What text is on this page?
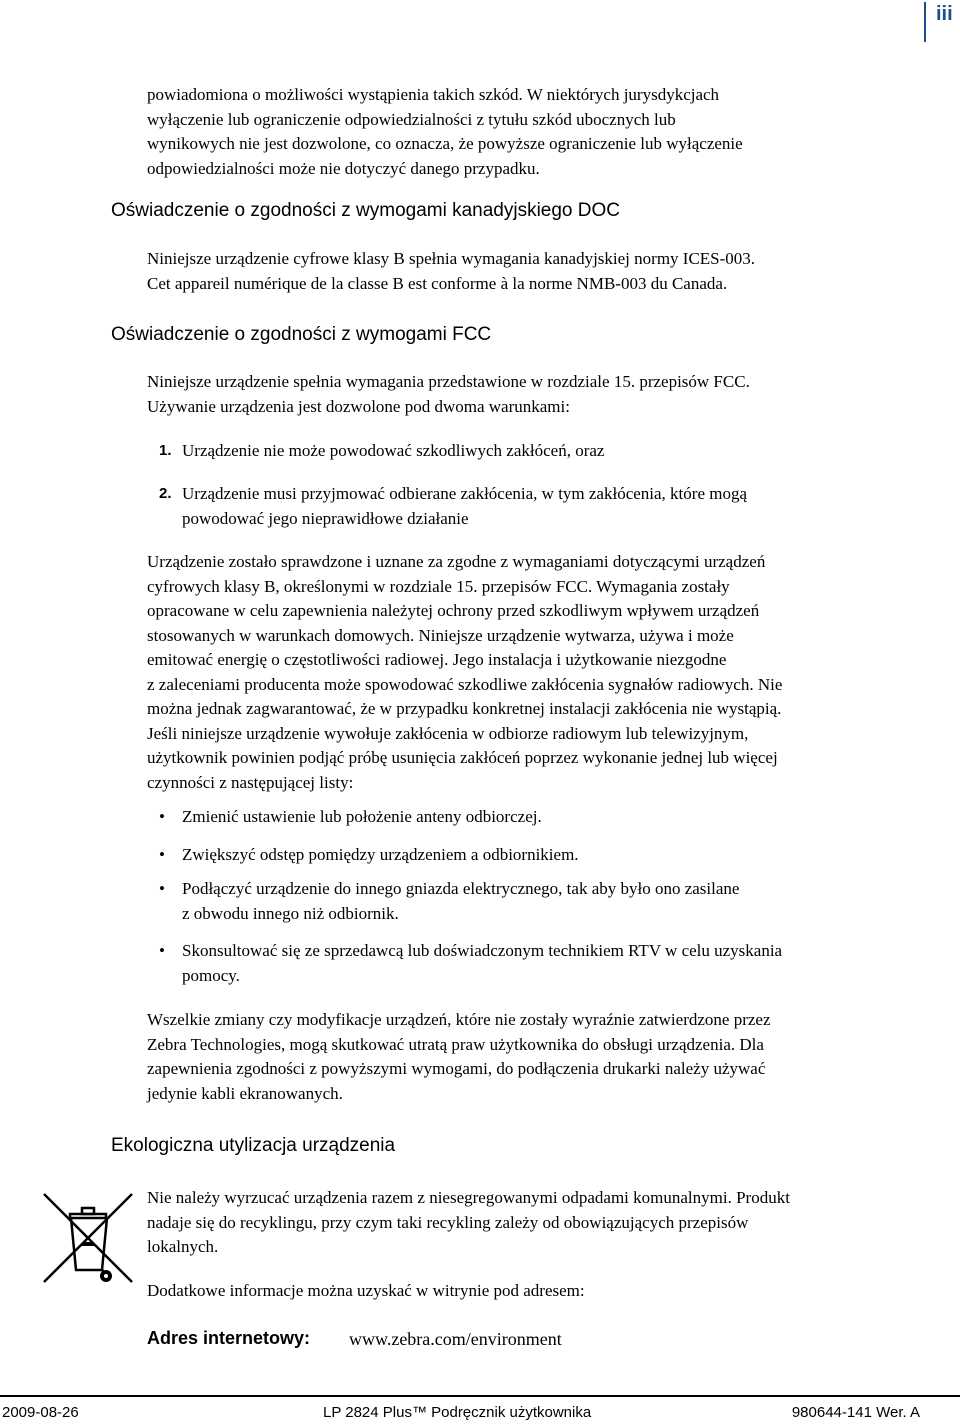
iii
powiadomiona o możliwości wystąpienia takich szkód. W niektórych jurysdykcjach
wyłączenie lub ograniczenie odpowiedzialności z tytułu szkód ubocznych lub
wynikowych nie jest dozwolone, co oznacza, że powyższe ograniczenie lub wyłączenie
odpowiedzialności może nie dotyczyć danego przypadku.
Oświadczenie o zgodności z wymogami kanadyjskiego DOC
Niniejsze urządzenie cyfrowe klasy B spełnia wymagania kanadyjskiej normy ICES-003.
Cet appareil numérique de la classe B est conforme à la norme NMB-003 du Canada.
Oświadczenie o zgodności z wymogami FCC
Niniejsze urządzenie spełnia wymagania przedstawione w rozdziale 15. przepisów FCC.
Używanie urządzenia jest dozwolone pod dwoma warunkami:
1. Urządzenie nie może powodować szkodliwych zakłóceń, oraz
2. Urządzenie musi przyjmować odbierane zakłócenia, w tym zakłócenia, które mogą
powodować jego nieprawidłowe działanie
Urządzenie zostało sprawdzone i uznane za zgodne z wymaganiami dotyczącymi urządzeń
cyfrowych klasy B, określonymi w rozdziale 15. przepisów FCC. Wymagania zostały
opracowane w celu zapewnienia należytej ochrony przed szkodliwym wpływem urządzeń
stosowanych w warunkach domowych. Niniejsze urządzenie wytwarza, używa i może
emitować energię o częstotliwości radiowej. Jego instalacja i użytkowanie niezgodne
z zaleceniami producenta może spowodować szkodliwe zakłócenia sygnałów radiowych. Nie
można jednak zagwarantować, że w przypadku konkretnej instalacji zakłócenia nie wystąpią.
Jeśli niniejsze urządzenie wywołuje zakłócenia w odbiorze radiowym lub telewizyjnym,
użytkownik powinien podjąć próbę usunięcia zakłóceń poprzez wykonanie jednej lub więcej
czynności z następującej listy:
• Zmienić ustawienie lub położenie anteny odbiorczej.
• Zwiększyć odstęp pomiędzy urządzeniem a odbiornikiem.
• Podłączyć urządzenie do innego gniazda elektrycznego, tak aby było ono zasilane
z obwodu innego niż odbiornik.
• Skonsultować się ze sprzedawcą lub doświadczonym technikiem RTV w celu uzyskania
pomocy.
Wszelkie zmiany czy modyfikacje urządzeń, które nie zostały wyraźnie zatwierdzone przez
Zebra Technologies, mogą skutkować utratą praw użytkownika do obsługi urządzenia. Dla
zapewnienia zgodności z powyższymi wymogami, do podłączenia drukarki należy używać
jedynie kabli ekranowanych.
Ekologiczna utylizacja urządzenia
Nie należy wyrzucać urządzenia razem z niesegregowanymi odpadami komunalnymi. Produkt
nadaje się do recyklingu, przy czym taki recykling zależy od obowiązujących przepisów
lokalnych.
Dodatkowe informacje można uzyskać w witrynie pod adresem:
Adres internetowy: www.zebra.com/environment
2009-08-26	LP 2824 Plus™ Podręcznik użytkownika	980644-141 Wer. A
